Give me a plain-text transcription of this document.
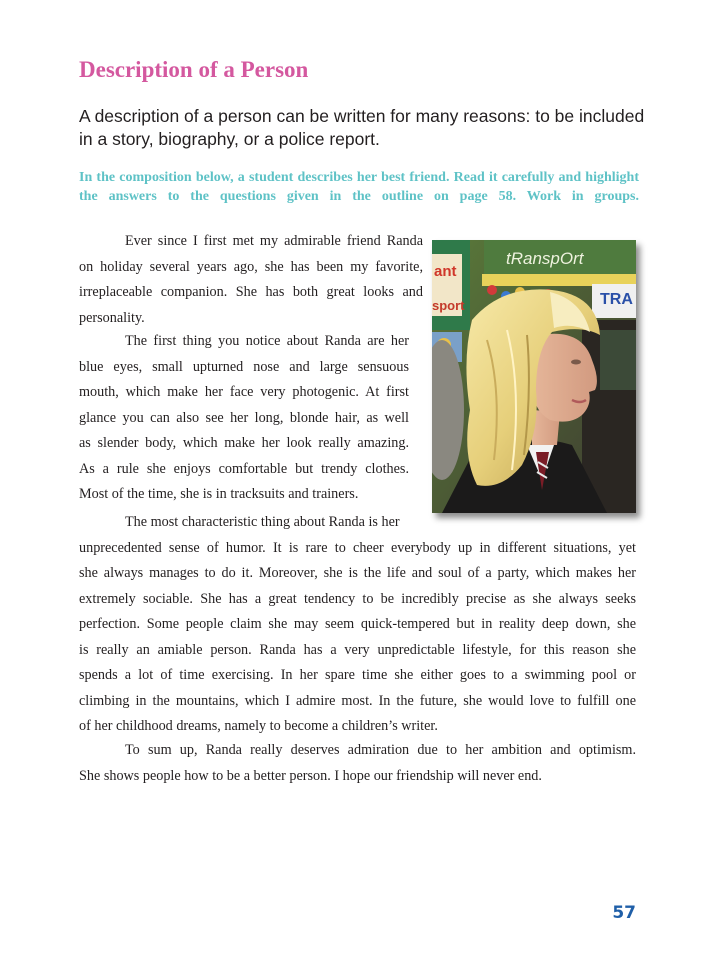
Description of a Person

A description of a person can be written for many reasons: to be included in a story, biography, or a police report.

In the composition below, a student describes her best friend. Read it carefully and highlight the answers to the questions given in the outline on page 58. Work in groups.

Ever since I first met my admirable friend Randa
on holiday several years ago, she has been my favorite,
irreplaceable companion. She has both great looks and
personality.
The first thing you notice about Randa are her
blue eyes, small upturned nose and large sensuous
mouth, which make her face very photogenic. At first
glance you can also see her long, blonde hair, as well
as slender body, which make her look really amazing.
As a rule she enjoys comfortable but trendy clothes.
Most of the time, she is in tracksuits and trainers.
The most characteristic thing about Randa is her
unprecedented sense of humor. It is rare to cheer everybody up in different situations, yet
she always manages to do it. Moreover, she is the life and soul of a party, which makes her
extremely sociable. She has a great tendency to be incredibly precise as she always seeks
perfection. Some people claim she may seem quick-tempered but in reality deep down, she
is really an amiable person. Randa has a very unpredictable lifestyle, for this reason she
spends a lot of time exercising. In her spare time she either goes to a swimming pool or
climbing in the mountains, which I admire most. In the future, she would love to fulfill one
of her childhood dreams, namely to become a children’s writer.
To sum up, Randa really deserves admiration due to her ambition and optimism.
She shows people how to be a better person. I hope our friendship will never end.
ant
sport
tRanspOrt
TRA
57
